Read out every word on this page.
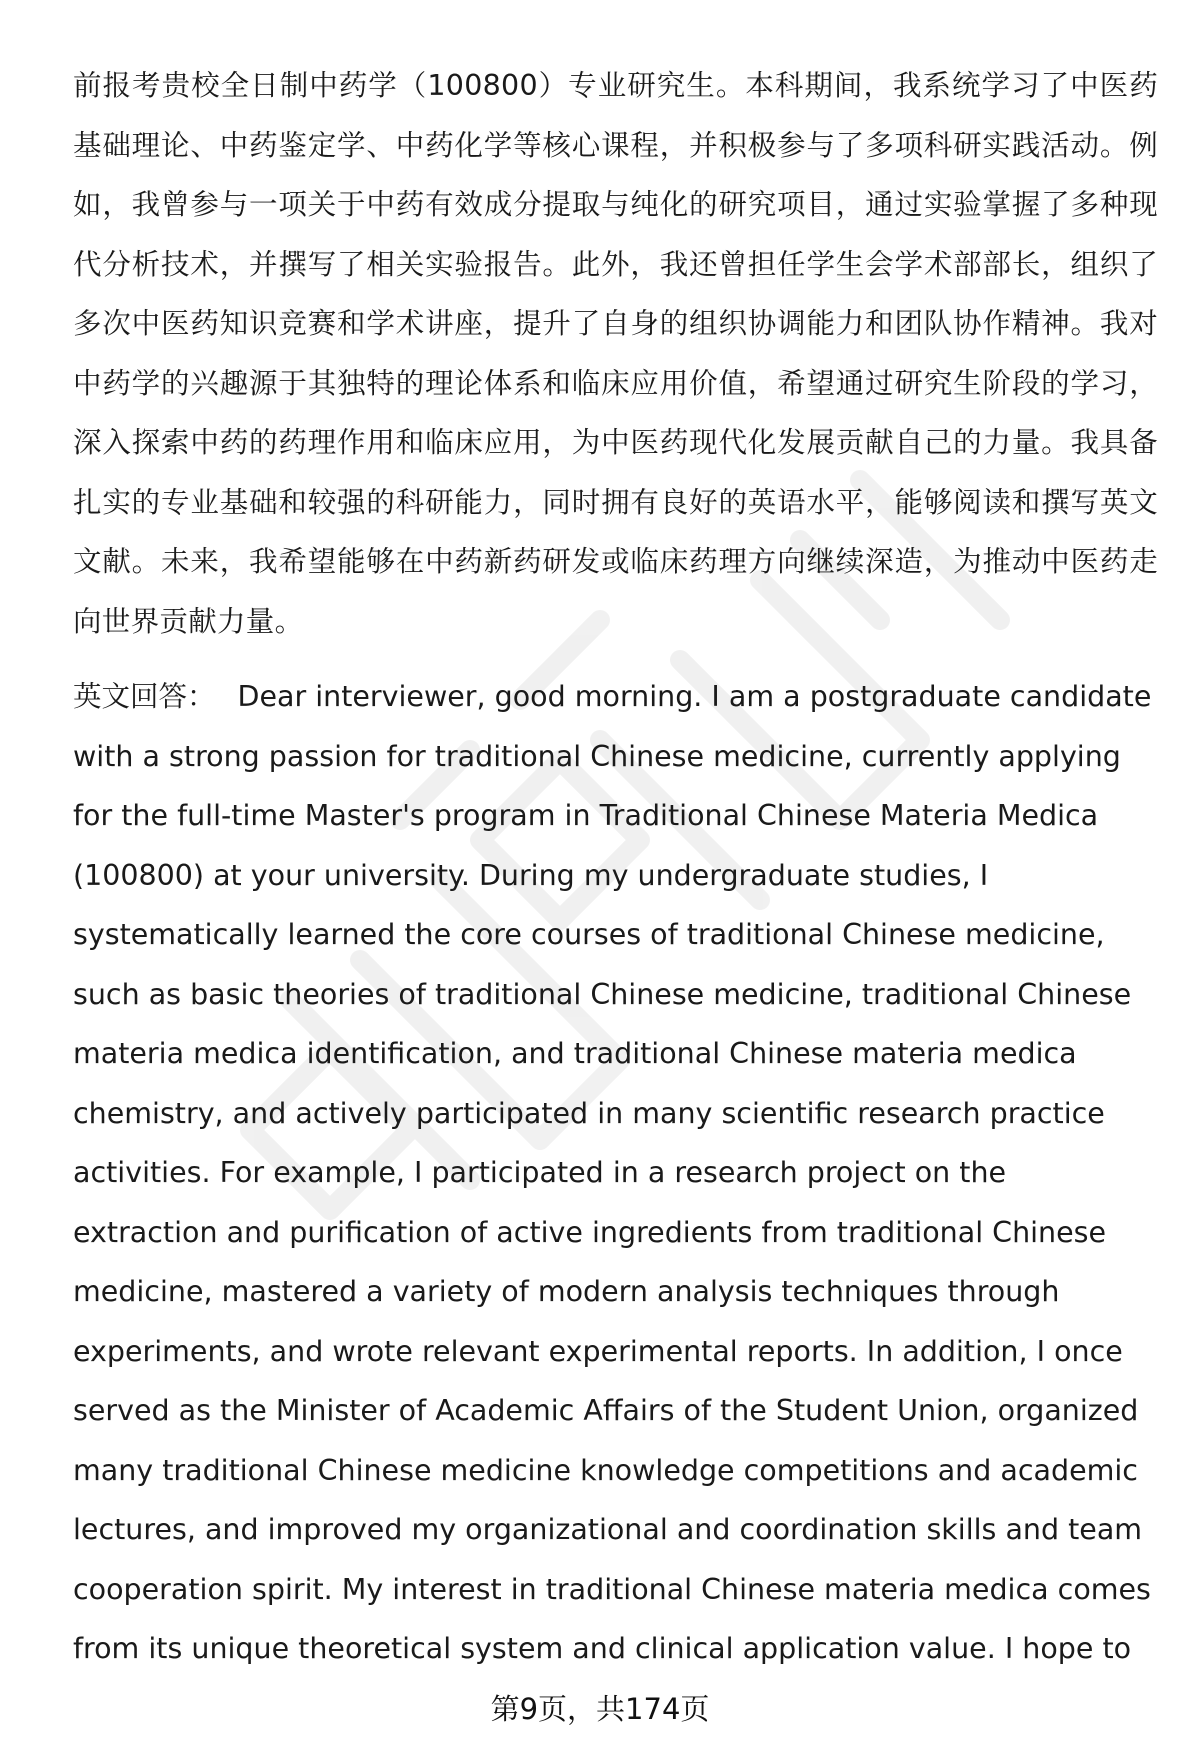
前报考贵校全日制中药学（100800）专业研究生。本科期间，我系统学习了中医药基础理论、中药鉴定学、中药化学等核心课程，并积极参与了多项科研实践活动。例如，我曾参与一项关于中药有效成分提取与纯化的研究项目，通过实验掌握了多种现代分析技术，并撰写了相关实验报告。此外，我还曾担任学生会学术部部长，组织了多次中医药知识竞赛和学术讲座，提升了自身的组织协调能力和团队协作精神。我对中药学的兴趣源于其独特的理论体系和临床应用价值，希望通过研究生阶段的学习，深入探索中药的药理作用和临床应用，为中医药现代化发展贡献自己的力量。我具备扎实的专业基础和较强的科研能力，同时拥有良好的英语水平，能够阅读和撰写英文文献。未来，我希望能够在中药新药研发或临床药理方向继续深造，为推动中医药走向世界贡献力量。

英文回答： Dear interviewer, good morning. I am a postgraduate candidate with a strong passion for traditional Chinese medicine, currently applying for the full-time Master's program in Traditional Chinese Materia Medica (100800) at your university. During my undergraduate studies, I systematically learned the core courses of traditional Chinese medicine, such as basic theories of traditional Chinese medicine, traditional Chinese materia medica identification, and traditional Chinese materia medica chemistry, and actively participated in many scientific research practice activities. For example, I participated in a research project on the extraction and purification of active ingredients from traditional Chinese medicine, mastered a variety of modern analysis techniques through experiments, and wrote relevant experimental reports. In addition, I once served as the Minister of Academic Affairs of the Student Union, organized many traditional Chinese medicine knowledge competitions and academic lectures, and improved my organizational and coordination skills and team cooperation spirit. My interest in traditional Chinese materia medica comes from its unique theoretical system and clinical application value. I hope to

第9页，共174页
